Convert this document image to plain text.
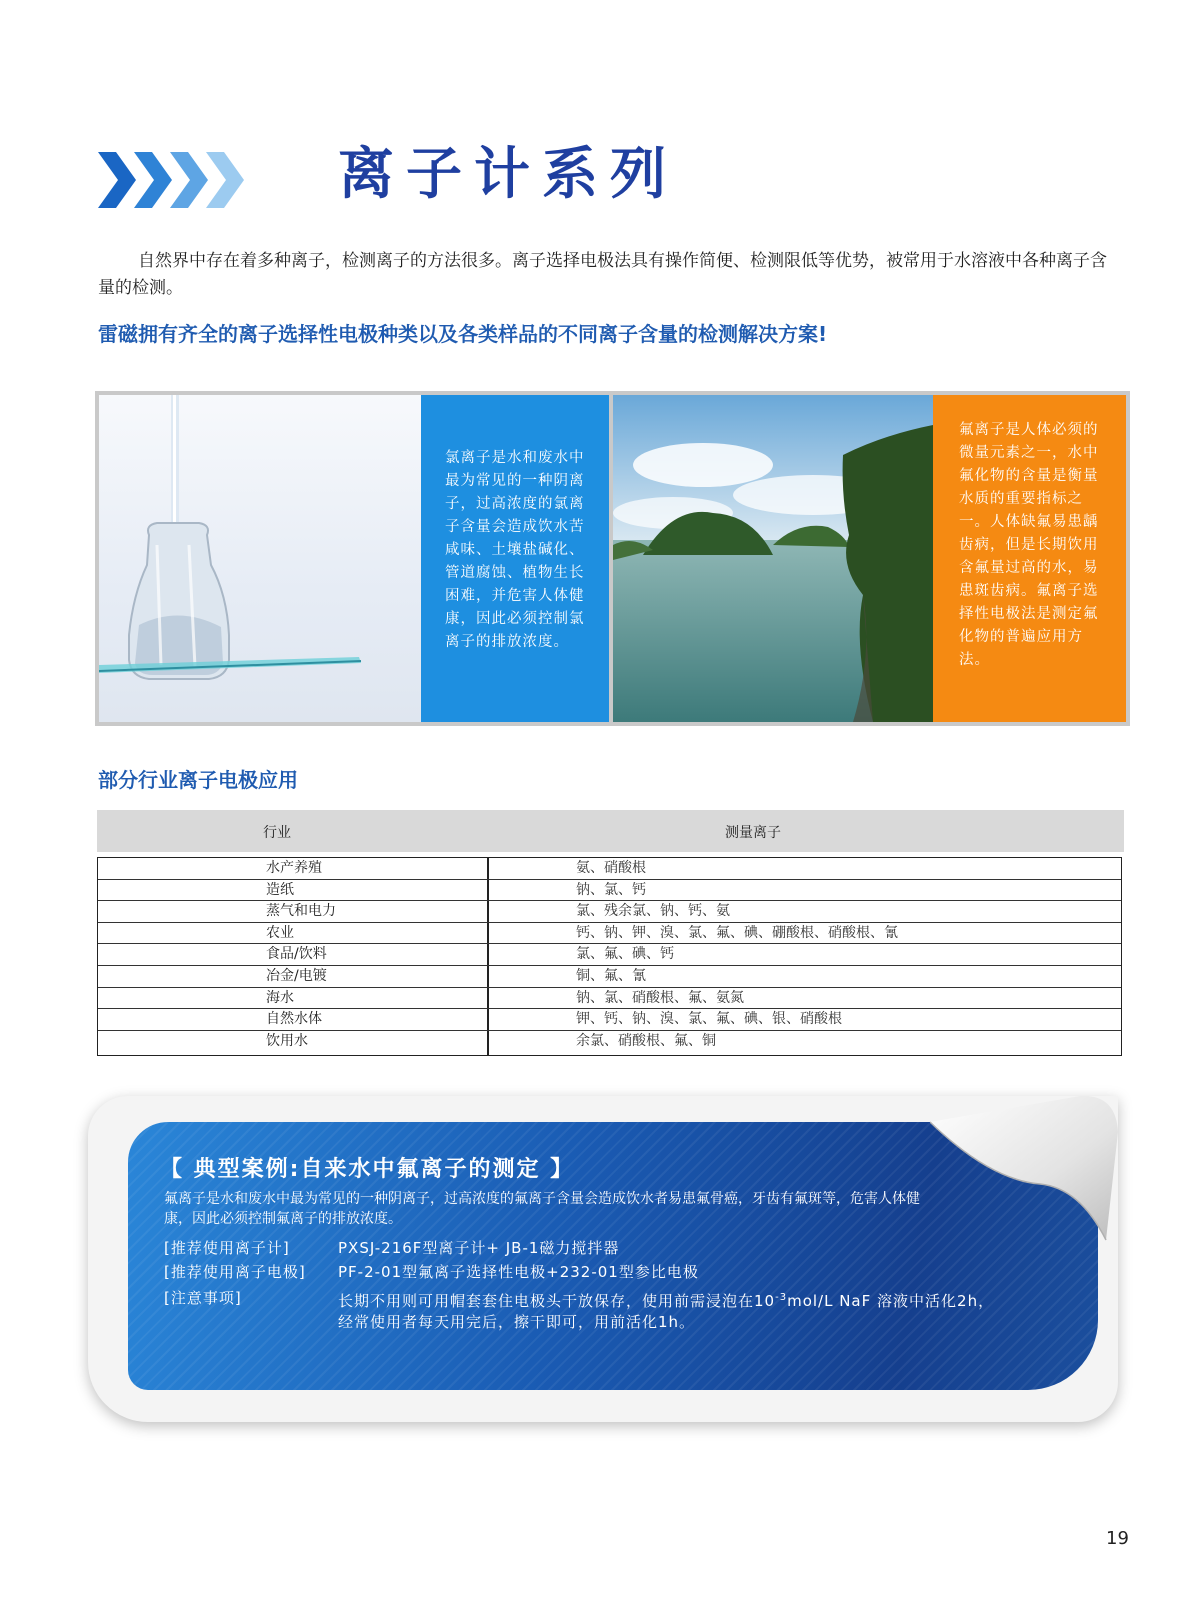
离子计系列
自然界中存在着多种离子，检测离子的方法很多。离子选择电极法具有操作简便、检测限低等优势，被常用于水溶液中各种离子含量的检测。
雷磁拥有齐全的离子选择性电极种类以及各类样品的不同离子含量的检测解决方案!
氯离子是水和废水中最为常见的一种阴离子，过高浓度的氯离子含量会造成饮水苦咸味、土壤盐碱化、管道腐蚀、植物生长困难，并危害人体健康，因此必须控制氯离子的排放浓度。
氟离子是人体必须的微量元素之一，水中氟化物的含量是衡量水质的重要指标之一。人体缺氟易患龋齿病，但是长期饮用含氟量过高的水，易患斑齿病。氟离子选择性电极法是测定氟化物的普遍应用方法。
部分行业离子电极应用
行业	测量离子
水产养殖	氨、硝酸根
造纸	钠、氯、钙
蒸气和电力	氯、残余氯、钠、钙、氨
农业	钙、钠、钾、溴、氯、氟、碘、硼酸根、硝酸根、氰
食品/饮料	氯、氟、碘、钙
冶金/电镀	铜、氟、氰
海水	钠、氯、硝酸根、氟、氨氮
自然水体	钾、钙、钠、溴、氯、氟、碘、银、硝酸根
饮用水	余氯、硝酸根、氟、铜
【 典型案例:自来水中氟离子的测定 】
氟离子是水和废水中最为常见的一种阴离子，过高浓度的氟离子含量会造成饮水者易患氟骨癌，牙齿有氟斑等，危害人体健康，因此必须控制氟离子的排放浓度。
[推荐使用离子计]	PXSJ-216F型离子计+ JB-1磁力搅拌器
[推荐使用离子电极] PF-2-01型氟离子选择性电极+232-01型参比电极
[注意事项]	长期不用则可用帽套套住电极头干放保存，使用前需浸泡在$10^{-3}mol/L$ NaF 溶液中活化2h，
经常使用者每天用完后，擦干即可，用前活化1h。
19
